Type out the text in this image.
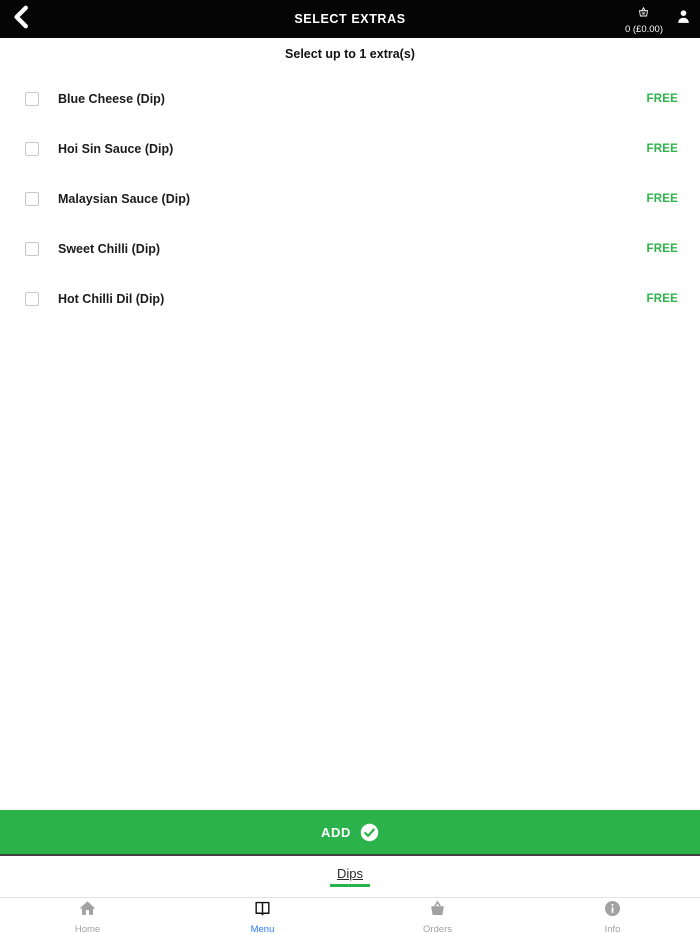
SELECT EXTRAS
0 (£0.00)
Select up to 1 extra(s)
Blue Cheese (Dip)	FREE
Hoi Sin Sauce (Dip)	FREE
Malaysian Sauce (Dip)	FREE
Sweet Chilli (Dip)	FREE
Hot Chilli Dil (Dip)	FREE
ADD
Dips
Home	Menu	Orders	Info
